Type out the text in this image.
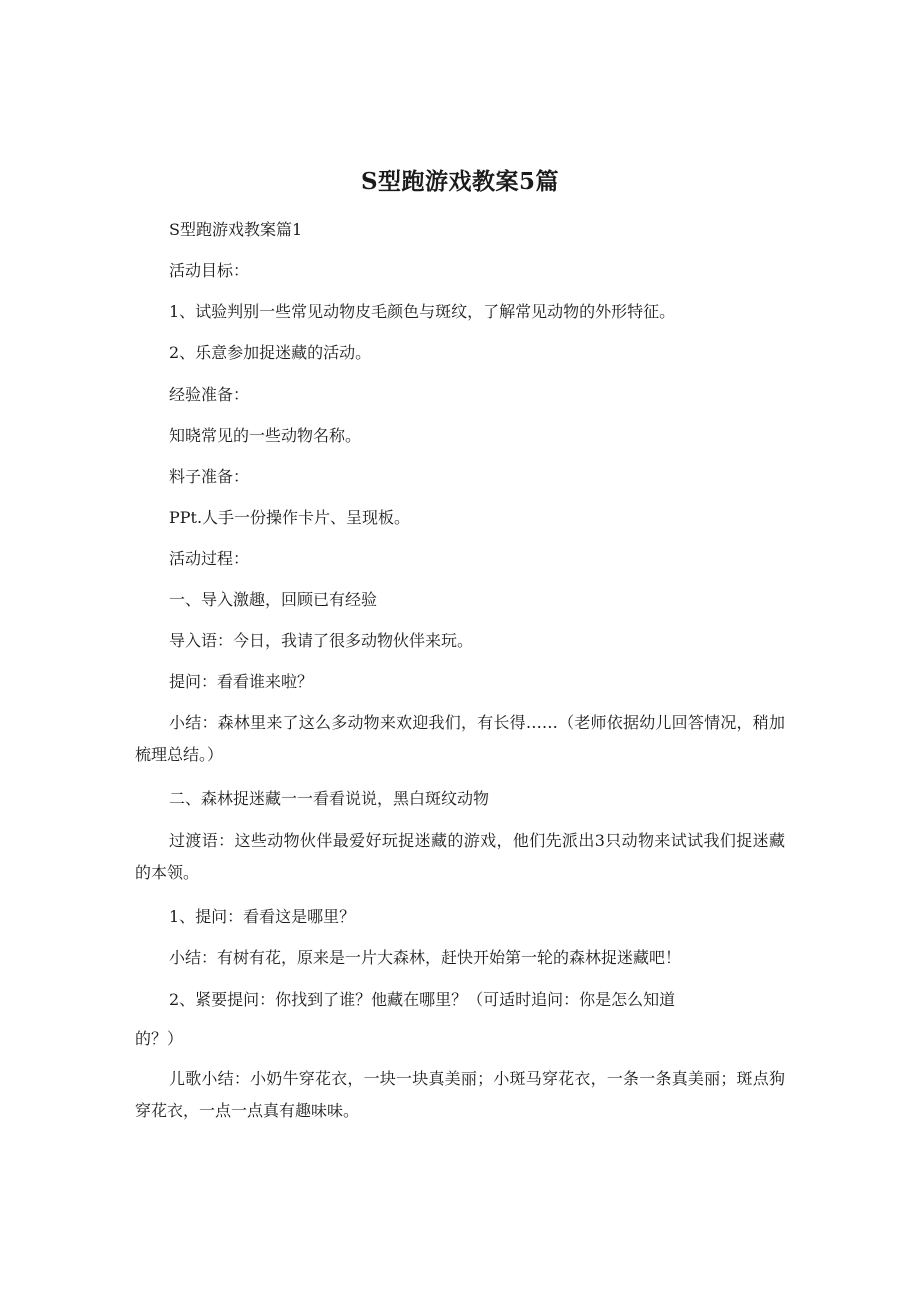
S型跑游戏教案5篇
S型跑游戏教案篇1
活动目标：
1、试验判别一些常见动物皮毛颜色与斑纹，了解常见动物的外形特征。
2、乐意参加捉迷藏的活动。
经验准备：
知晓常见的一些动物名称。
料子准备：
PPt.人手一份操作卡片、呈现板。
活动过程：
一、导入激趣，回顾已有经验
导入语：今日，我请了很多动物伙伴来玩。
提问：看看谁来啦？
小结：森林里来了这么多动物来欢迎我们，有长得……（老师依据幼儿回答情况，稍加梳理总结。）
二、森林捉迷藏一一看看说说，黑白斑纹动物
过渡语：这些动物伙伴最爱好玩捉迷藏的游戏，他们先派出3只动物来试试我们捉迷藏的本领。
1、提问：看看这是哪里？
小结：有树有花，原来是一片大森林，赶快开始第一轮的森林捉迷藏吧！
2、紧要提问：你找到了谁？他藏在哪里？（可适时追问：你是怎么知道
的？）
儿歌小结：小奶牛穿花衣，一块一块真美丽；小斑马穿花衣，一条一条真美丽；斑点狗穿花衣，一点一点真有趣味味。
